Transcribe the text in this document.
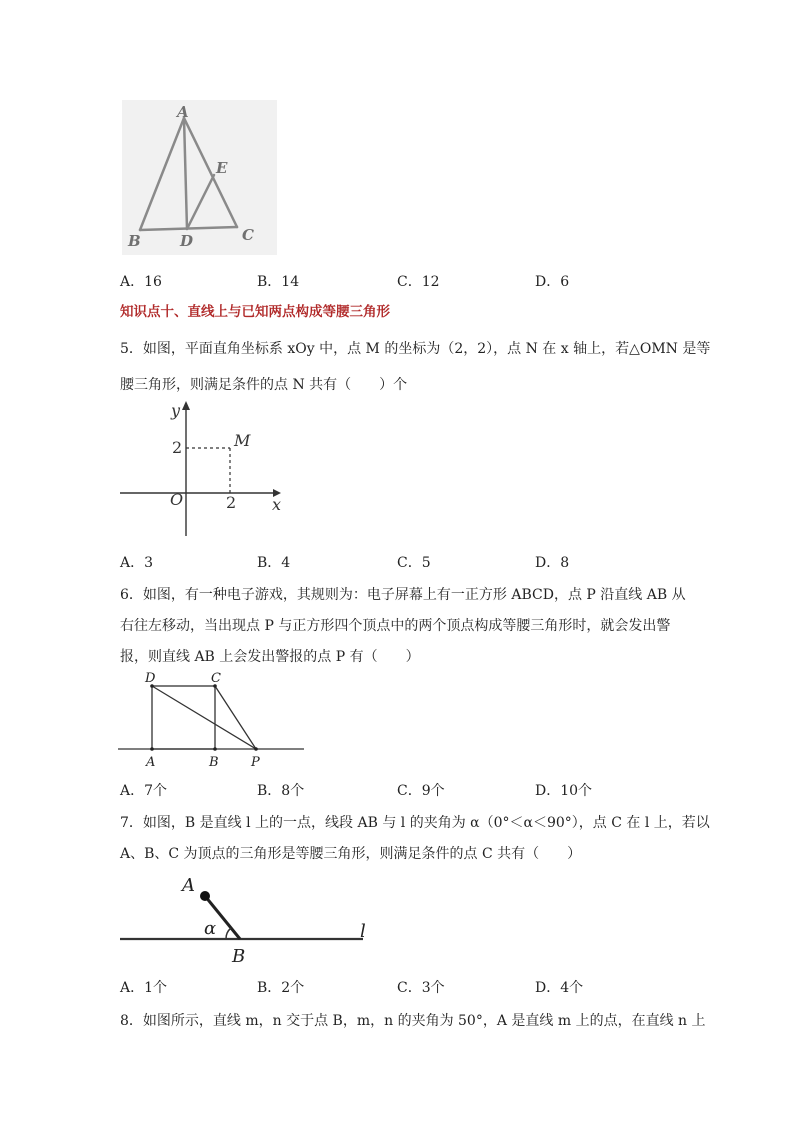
A
B	D	C
E
A．16	B．14	C．12	D．6
知识点十、直线上与已知两点构成等腰三角形
5．如图，平面直角坐标系 xOy 中，点 M 的坐标为（2，2），点 N 在 x 轴上，若△OMN 是等
腰三角形，则满足条件的点 N 共有（　　）个
y
x
O
2
2
M
A．3	B．4	C．5	D．8
6．如图，有一种电子游戏，其规则为：电子屏幕上有一正方形 ABCD，点 P 沿直线 AB 从
右往左移动，当出现点 P 与正方形四个顶点中的两个顶点构成等腰三角形时，就会发出警
报，则直线 AB 上会发出警报的点 P 有（　　）
D	C
A	B P
A．7个	B．8个	C．9个	D．10个
7．如图，B 是直线 l 上的一点，线段 AB 与 l 的夹角为 α（0°＜α＜90°），点 C 在 l 上，若以
A、B、C 为顶点的三角形是等腰三角形，则满足条件的点 C 共有（　　）
A
α
B
l
A．1个	B．2个	C．3个	D．4个
8．如图所示，直线 m，n 交于点 B，m，n 的夹角为 50°，A 是直线 m 上的点，在直线 n 上
